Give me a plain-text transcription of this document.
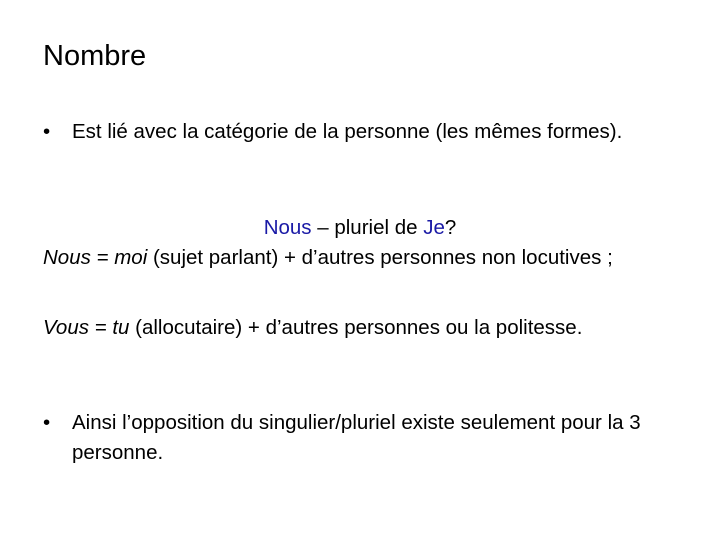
Nombre
•	Est lié avec la catégorie de la personne (les mêmes formes).
Nous – pluriel de Je?
Nous = moi (sujet parlant) + d’autres personnes non locutives ;
Vous = tu (allocutaire) + d’autres personnes ou la politesse.
•	Ainsi l’opposition du singulier/pluriel existe seulement pour la 3 personne.
